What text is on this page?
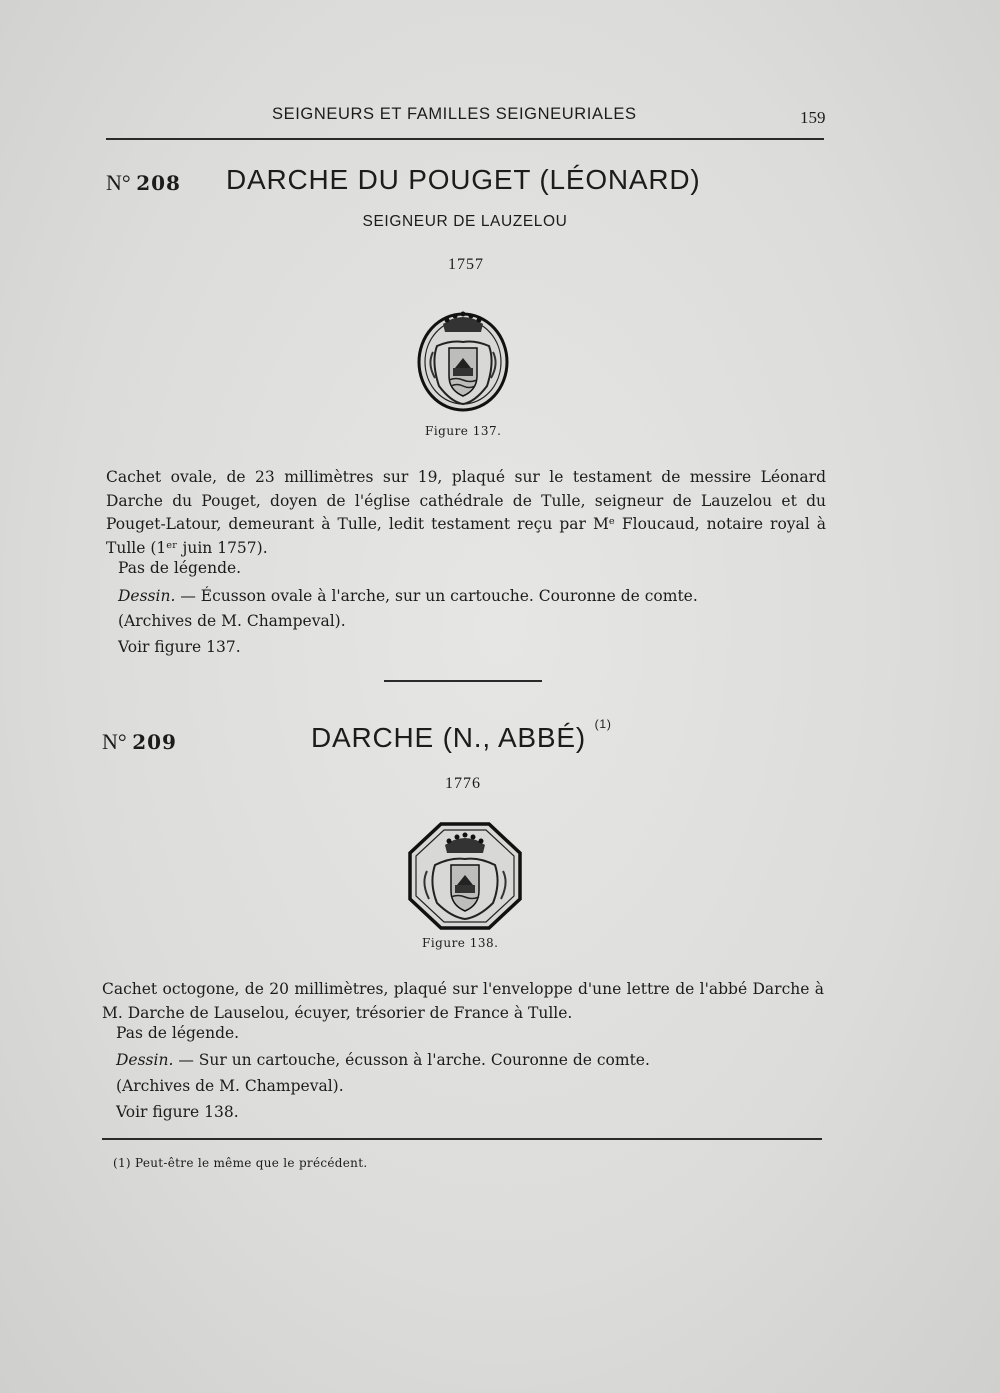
SEIGNEURS ET FAMILLES SEIGNEURIALES	159
N° 208 DARCHE DU POUGET (LÉONARD)
SEIGNEUR DE LAUZELOU
1757
Figure 137.
Cachet ovale, de 23 millimètres sur 19, plaqué sur le testament de messire Léonard Darche du Pouget, doyen de l'église cathédrale de Tulle, seigneur de Lauzelou et du Pouget-Latour, demeurant à Tulle, ledit testament reçu par Mᵉ Floucaud, notaire royal à Tulle (1ᵉʳ juin 1757).
Pas de légende.
Dessin. — Écusson ovale à l'arche, sur un cartouche. Couronne de comte.
(Archives de M. Champeval).
Voir figure 137.
N° 209	DARCHE (N., ABBÉ) $^{(1)}$
1776
Figure 138.
Cachet octogone, de 20 millimètres, plaqué sur l'enveloppe d'une lettre de l'abbé Darche à M. Darche de Lauselou, écuyer, trésorier de France à Tulle.
Pas de légende.
Dessin. — Sur un cartouche, écusson à l'arche. Couronne de comte.
(Archives de M. Champeval).
Voir figure 138.
(1) Peut-être le même que le précédent.
